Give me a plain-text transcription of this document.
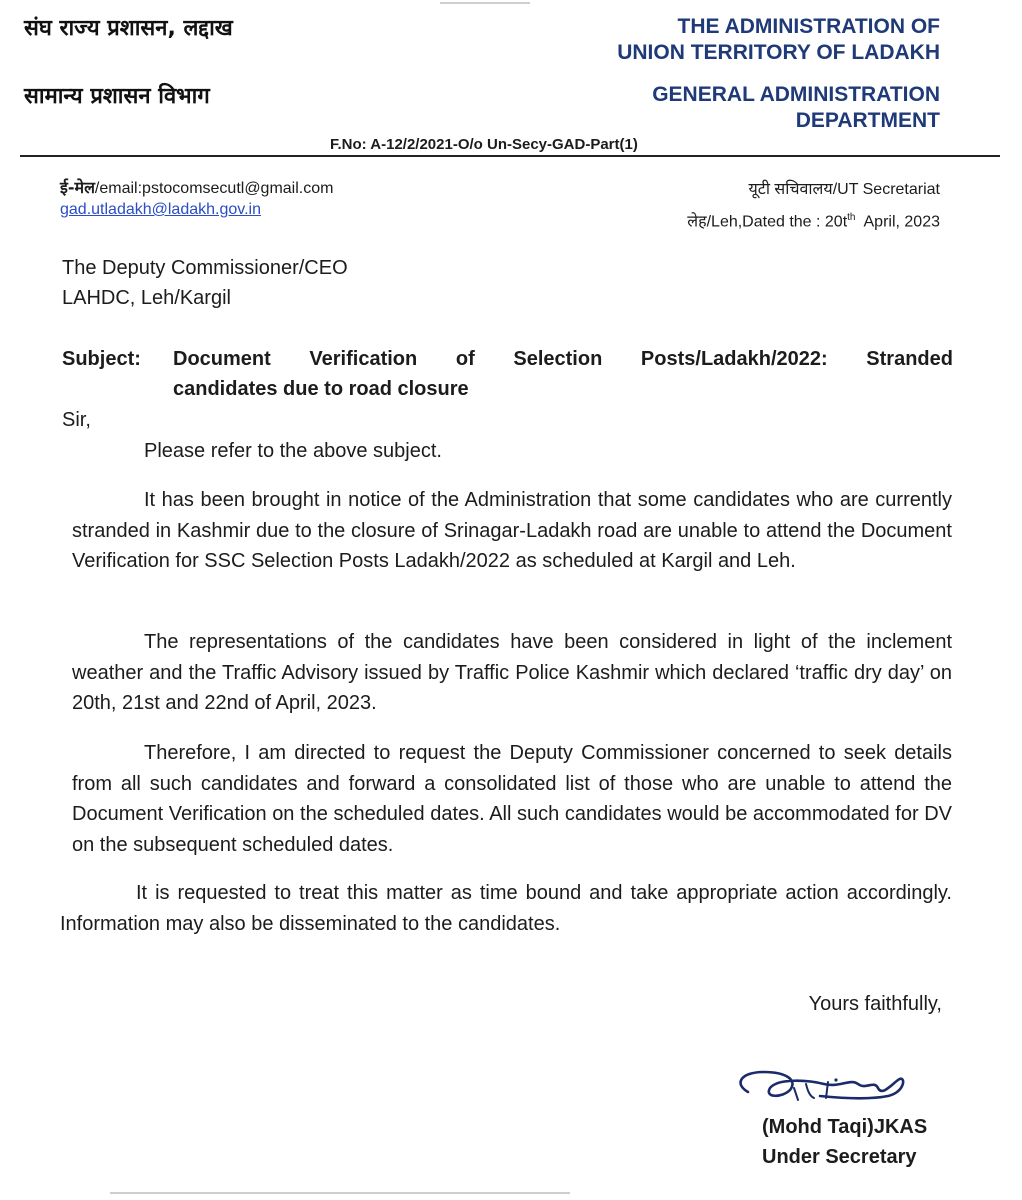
संघ राज्य प्रशासन, लद्दाख
सामान्य प्रशासन विभाग
THE ADMINISTRATION OF
UNION TERRITORY OF LADAKH
GENERAL ADMINISTRATION
DEPARTMENT
F.No: A-12/2/2021-O/o Un-Secy-GAD-Part(1)
ई-मेल/email:pstocomsecutl@gmail.com
gad.utladakh@ladakh.gov.in
यूटी सचिवालय/UT Secretariat
लेह/Leh,Dated the : $20t^{th}$  April, 2023
The Deputy Commissioner/CEO
LAHDC, Leh/Kargil
Subject: Document Verification of Selection Posts/Ladakh/2022: Stranded
candidates due to road closure
Sir,
Please refer to the above subject.
It has been brought in notice of the Administration that some candidates who are currently stranded in Kashmir due to the closure of Srinagar-Ladakh road are unable to attend the Document Verification for SSC Selection Posts Ladakh/2022 as scheduled at Kargil and Leh.
The representations of the candidates have been considered in light of the inclement weather and the Traffic Advisory issued by Traffic Police Kashmir which declared ‘traffic dry day’ on 20th, 21st and 22nd of April, 2023.
Therefore, I am directed to request the Deputy Commissioner concerned to seek details from all such candidates and forward a consolidated list of those who are unable to attend the Document Verification on the scheduled dates. All such candidates would be accommodated for DV on the subsequent scheduled dates.
It is requested to treat this matter as time bound and take appropriate action accordingly. Information may also be disseminated to the candidates.
Yours faithfully,
(Mohd Taqi)JKAS
Under Secretary
